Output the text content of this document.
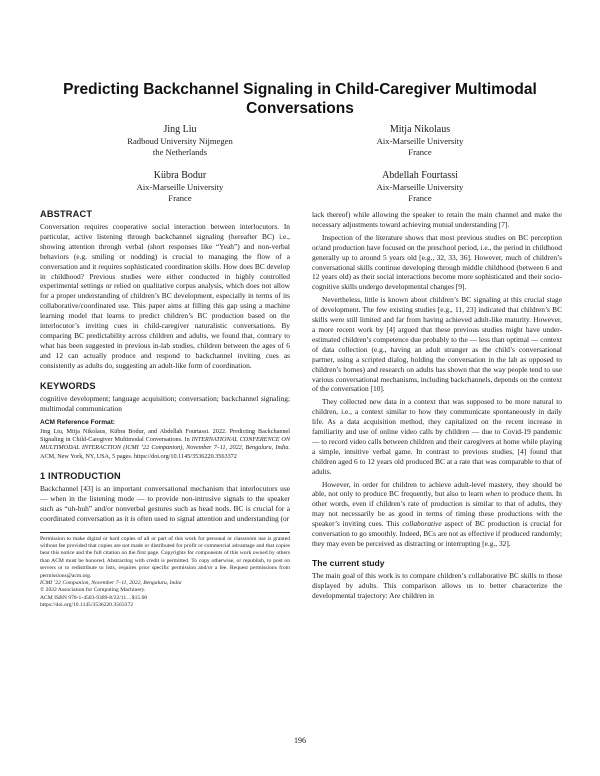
Predicting Backchannel Signaling in Child-Caregiver Multimodal Conversations
Jing Liu
Radboud University Nijmegen
the Netherlands
Mitja Nikolaus
Aix-Marseille University
France
Kübra Bodur
Aix-Marseille University
France
Abdellah Fourtassi
Aix-Marseille University
France
ABSTRACT

Conversation requires cooperative social interaction between interlocutors. In particular, active listening through backchannel signaling (hereafter BC) i.e., showing attention through verbal (short responses like “Yeah”) and non-verbal behaviors (e.g. smiling or nodding) is crucial to managing the flow of a conversation and it requires sophisticated coordination skills. How does BC develop in childhood? Previous studies were either conducted in highly controlled experimental settings or relied on qualitative corpus analysis, which does not allow for a proper understanding of children’s BC development, especially in terms of its collaborative/coordinated use. This paper aims at filling this gap using a machine learning model that learns to predict children’s BC production based on the interlocutor’s inviting cues in child-caregiver naturalistic conversations. By comparing BC predictability across children and adults, we found that, contrary to what has been suggested in previous in-lab studies, children between the ages of 6 and 12 can actually produce and respond to backchannel inviting cues as consistently as adults do, suggesting an adult-like form of coordination.

KEYWORDS

cognitive development; language acquisition; conversation; backchannel signaling; multimodal communication

ACM Reference Format:

Jing Liu, Mitja Nikolaus, Kübra Bodur, and Abdellah Fourtassi. 2022. Predicting Backchannel Signaling in Child-Caregiver Multimodal Conversations. In INTERNATIONAL CONFERENCE ON MULTIMODAL INTERACTION (ICMI ’22 Companion), November 7–11, 2022, Bengaluru, India. ACM, New York, NY, USA, 5 pages. https://doi.org/10.1145/3536220.3563372

1 INTRODUCTION

Backchannel [43] is an important conversational mechanism that interlocutors use — when in the listening mode — to provide non-intrusive signals to the speaker such as “uh-huh” and/or nonverbal gestures such as head nods. BC is crucial for a coordinated conversation as it is often used to signal attention and understanding (or

Permission to make digital or hard copies of all or part of this work for personal or classroom use is granted without fee provided that copies are not made or distributed for profit or commercial advantage and that copies bear this notice and the full citation on the first page. Copyrights for components of this work owned by others than ACM must be honored. Abstracting with credit is permitted. To copy otherwise, or republish, to post on servers or to redistribute to lists, requires prior specific permission and/or a fee. Request permissions from permissions@acm.org.

ICMI ’22 Companion, November 7–11, 2022, Bengaluru, India
© 2022 Association for Computing Machinery.
ACM ISBN 978-1-4503-9389-8/22/11…$15.00
https://doi.org/10.1145/3536220.3563372

lack thereof) while allowing the speaker to retain the main channel and make the necessary adjustments toward achieving mutual understanding [7].

Inspection of the literature shows that most previous studies on BC perception or/and production have focused on the preschool period, i.e., the period in childhood generally up to around 5 years old [e.g., 32, 33, 36]. However, much of children’s conversational skills continue developing through middle childhood (between 6 and 12 years old) as their social interactions become more sophisticated and their socio-cognitive skills undergo developmental changes [9].

Nevertheless, little is known about children’s BC signaling at this crucial stage of development. The few existing studies [e.g., 11, 23] indicated that children’s BC skills were still limited and far from having achieved adult-like maturity. However, a more recent work by [4] argued that these previous studies might have under-estimated children’s competence due probably to the — less than optimal — context of data collection (e.g., having an adult stranger as the child’s conversational partner, using a scripted dialog, holding the conversation in the lab as opposed to children’s homes) and research on adults has shown that the way people tend to use various conversational mechanisms, including backchannels, depends on the context of the conversation [10].

They collected new data in a context that was supposed to be more natural to children, i.e., a context similar to how they communicate spontaneously in daily life. As a data acquisition method, they capitalized on the recent increase in familiarity and use of online video calls by children — due to Covid-19 pandemic — to record video calls between children and their caregivers at home while playing a simple, intuitive verbal game. In contrast to previous studies, [4] found that children aged 6 to 12 years old produced BC at a rate that was comparable to that of adults.

However, in order for children to achieve adult-level mastery, they should be able, not only to produce BC frequently, but also to learn when to produce them. In other words, even if children’s rate of production is similar to that of adults, they may not necessarily be as good in terms of timing these productions with the speaker’s inviting cues. This collaborative aspect of BC production is crucial for conversation to go smoothly. Indeed, BCs are not as effective if produced randomly; they may even be perceived as distracting or interrupting [e.g., 32].

The current study

The main goal of this work is to compare children’s collaborative BC skills to those displayed by adults. This comparison allows us to better characterize the developmental trajectory: Are children in

196
